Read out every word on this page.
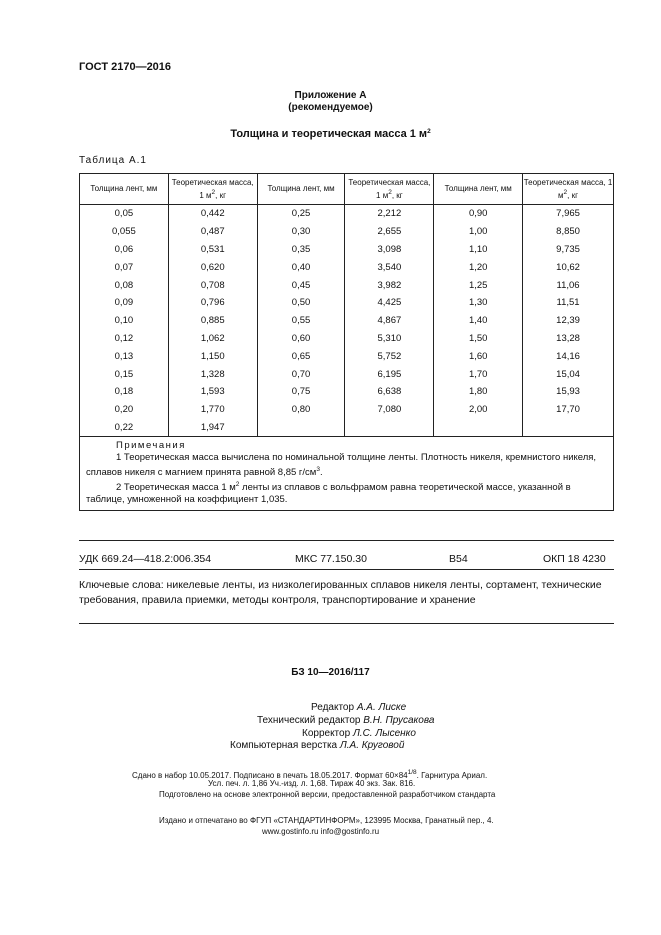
ГОСТ 2170—2016
Приложение А
(рекомендуемое)
Толщина и теоретическая масса 1 $м^2$
Таблица А.1
Толщина лент, мм	Теоретическая масса, 1 $м^2$, кг	Толщина лент, мм	Теоретическая масса, 1 $м^2$, кг	Толщина лент, мм	Теоретическая масса, 1 $м^2$, кг
0,05	0,442	0,25	2,212	0,90	7,965
0,055	0,487	0,30	2,655	1,00	8,850
0,06	0,531	0,35	3,098	1,10	9,735
0,07	0,620	0,40	3,540	1,20	10,62
0,08	0,708	0,45	3,982	1,25	11,06
0,09	0,796	0,50	4,425	1,30	11,51
0,10	0,885	0,55	4,867	1,40	12,39
0,12	1,062	0,60	5,310	1,50	13,28
0,13	1,150	0,65	5,752	1,60	14,16
0,15	1,328	0,70	6,195	1,70	15,04
0,18	1,593	0,75	6,638	1,80	15,93
0,20	1,770	0,80	7,080	2,00	17,70
0,22	1,947				

Примечания
1 Теоретическая масса вычислена по номинальной толщине ленты. Плотность никеля, кремнистого никеля, сплавов никеля с магнием принята равной 8,85 $г/см^3$.
2 Теоретическая масса 1 $м^2$ ленты из сплавов с вольфрамом равна теоретической массе, указанной в таблице, умноженной на коэффициент 1,035.					
УДК 669.24—418.2:006.354	МКС 77.150.30	В54	ОКП 18 4230
Ключевые слова: никелевые ленты, из низколегированных сплавов никеля ленты, сортамент, технические требования, правила приемки, методы контроля, транспортирование и хранение
БЗ 10—2016/117
Редактор А.А. Лиске
Технический редактор В.Н. Прусакова
Корректор Л.С. Лысенко
Компьютерная верстка Л.А. Круговой
Сдано в набор 10.05.2017. Подписано в печать 18.05.2017. Формат $60\times 84^{1/8}$. Гарнитура Ариал.
Усл. печ. л. 1,86 Уч.-изд. л. 1,68. Тираж 40 экз. Зак. 816.
Подготовлено на основе электронной версии, предоставленной разработчиком стандарта
Издано и отпечатано во ФГУП «СТАНДАРТИНФОРМ», 123995 Москва, Гранатный пер., 4.
www.gostinfo.ru info@gostinfo.ru
